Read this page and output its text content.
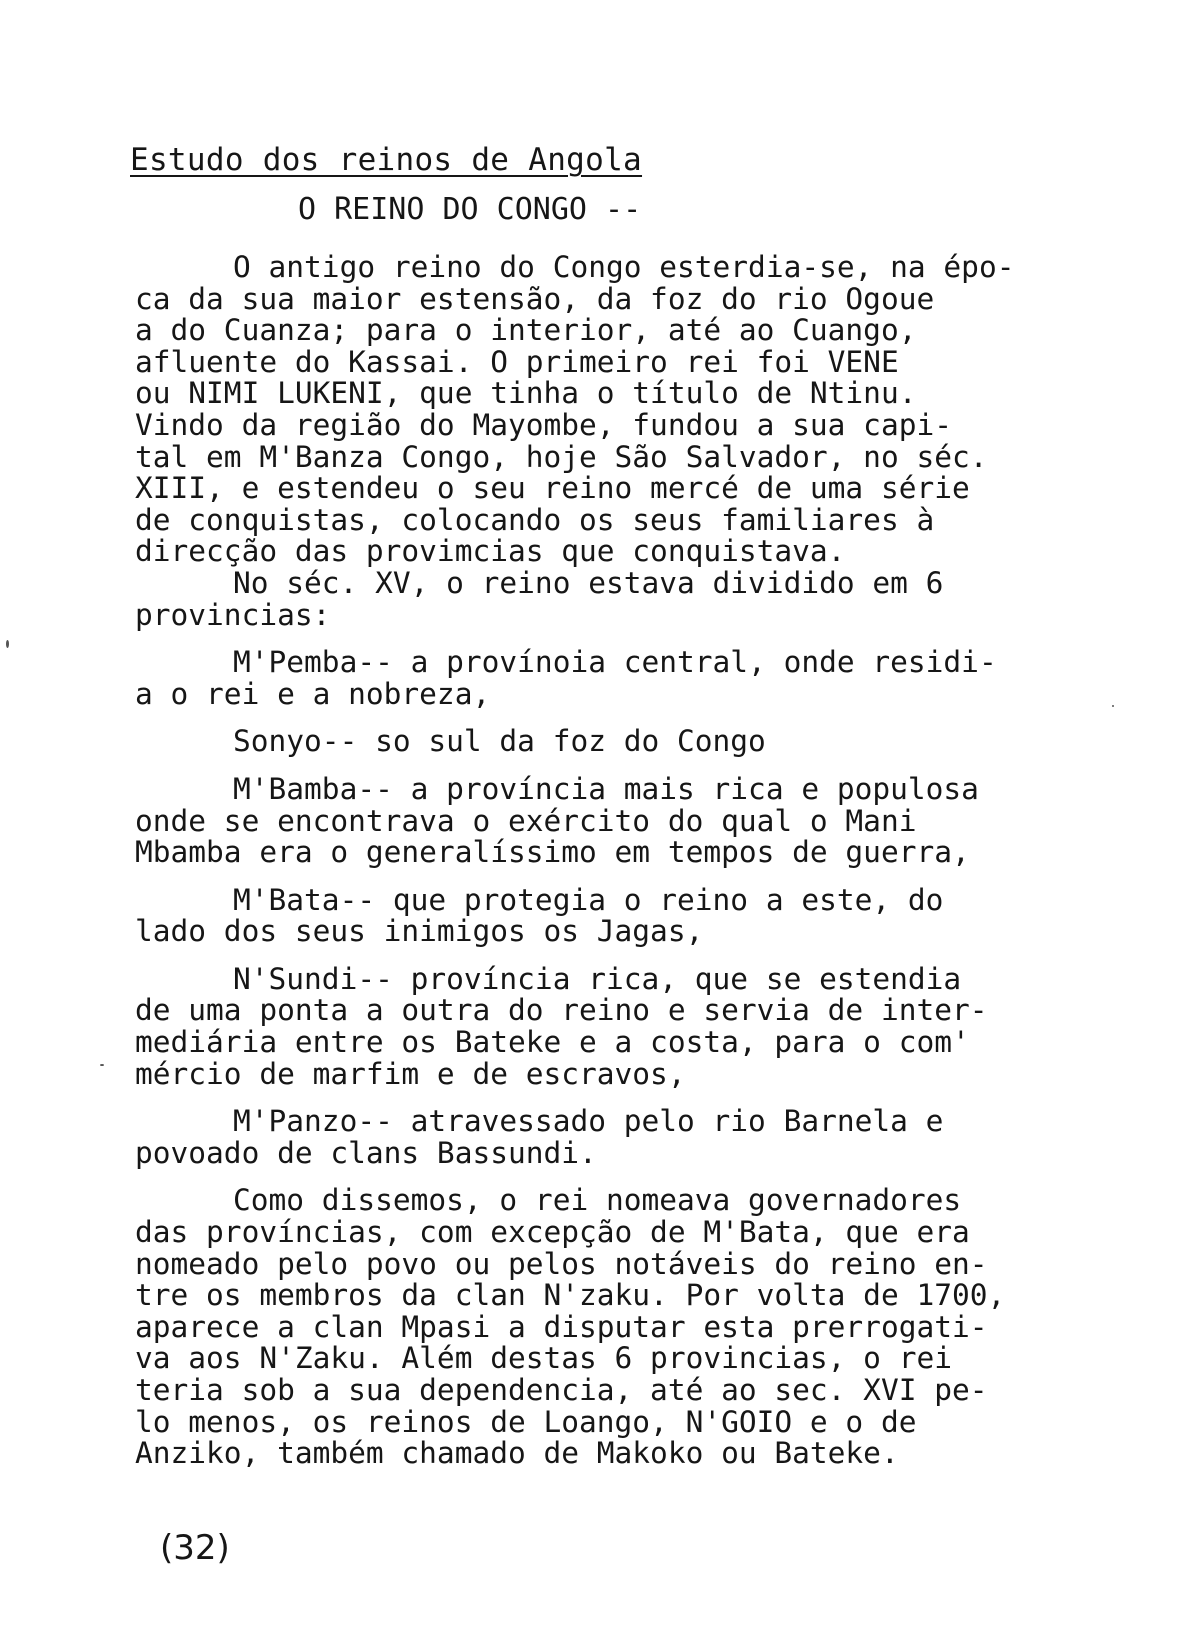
Estudo dos reinos de Angola
O REINO DO CONGO --

O antigo reino do Congo esterdia-se, na épo-
ca da sua maior estensão, da foz do rio Ogoue
a do Cuanza; para o interior, até ao Cuango,
afluente do Kassai. O primeiro rei foi VENE
ou NIMI LUKENI, que tinha o título de Ntinu.
Vindo da região do Mayombe, fundou a sua capi-
tal em M'Banza Congo, hoje São Salvador, no séc.
XIII, e estendeu o seu reino mercé de uma série
de conquistas, colocando os seus familiares à
direcção das provimcias que conquistava.

No séc. XV, o reino estava dividido em 6
provincias:

M'Pemba-- a provínoia central, onde residi-
a o rei e a nobreza,

Sonyo-- so sul da foz do Congo

M'Bamba-- a província mais rica e populosa
onde se encontrava o exército do qual o Mani
Mbamba era o generalíssimo em tempos de guerra,

M'Bata-- que protegia o reino a este, do
lado dos seus inimigos os Jagas,

N'Sundi-- província rica, que se estendia
de uma ponta a outra do reino e servia de inter-
mediária entre os Bateke e a costa, para o com'
mércio de marfim e de escravos,

M'Panzo-- atravessado pelo rio Barnela e
povoado de clans Bassundi.

Como dissemos, o rei nomeava governadores
das províncias, com excepção de M'Bata, que era
nomeado pelo povo ou pelos notáveis do reino en-
tre os membros da clan N'zaku. Por volta de 1700,
aparece a clan Mpasi a disputar esta prerrogati-
va aos N'Zaku. Além destas 6 provincias, o rei
teria sob a sua dependencia, até ao sec. XVI pe-
lo menos, os reinos de Loango, N'GOIO e o de
Anziko, também chamado de Makoko ou Bateke.

(32)
